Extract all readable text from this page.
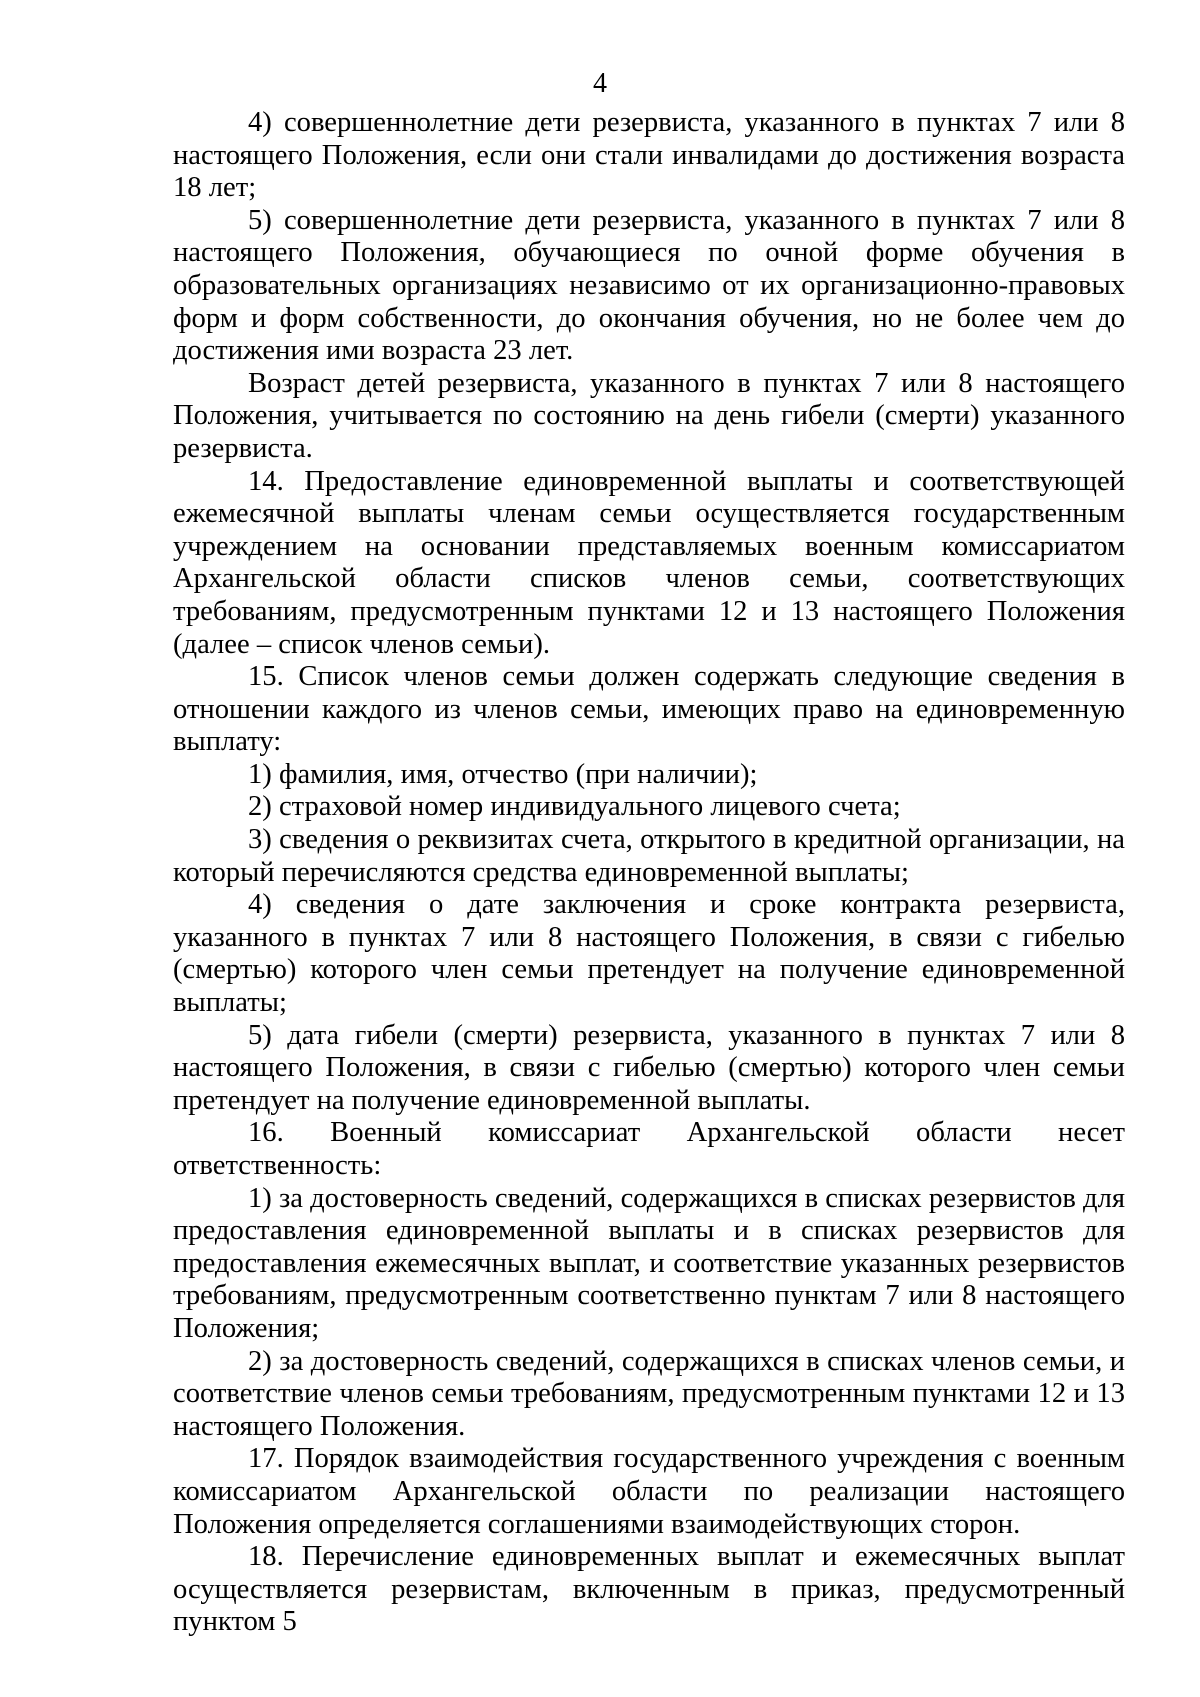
4

4) совершеннолетние дети резервиста, указанного в пунктах 7 или 8 настоящего Положения, если они стали инвалидами до достижения возраста 18 лет;

5) совершеннолетние дети резервиста, указанного в пунктах 7 или 8 настоящего Положения, обучающиеся по очной форме обучения в образовательных организациях независимо от их организационно-правовых форм и форм собственности, до окончания обучения, но не более чем до достижения ими возраста 23 лет.

Возраст детей резервиста, указанного в пунктах 7 или 8 настоящего Положения, учитывается по состоянию на день гибели (смерти) указанного резервиста.

14. Предоставление единовременной выплаты и соответствующей ежемесячной выплаты членам семьи осуществляется государственным учреждением на основании представляемых военным комиссариатом Архангельской области списков членов семьи, соответствующих требованиям, предусмотренным пунктами 12 и 13 настоящего Положения (далее – список членов семьи).

15. Список членов семьи должен содержать следующие сведения в отношении каждого из членов семьи, имеющих право на единовременную выплату:

1) фамилия, имя, отчество (при наличии);

2) страховой номер индивидуального лицевого счета;

3) сведения о реквизитах счета, открытого в кредитной организации, на который перечисляются средства единовременной выплаты;

4) сведения о дате заключения и сроке контракта резервиста, указанного в пунктах 7 или 8 настоящего Положения, в связи с гибелью (смертью) которого член семьи претендует на получение единовременной выплаты;

5) дата гибели (смерти) резервиста, указанного в пунктах 7 или 8 настоящего Положения, в связи с гибелью (смертью) которого член семьи претендует на получение единовременной выплаты.

16. Военный комиссариат Архангельской области несет ответственность:

1) за достоверность сведений, содержащихся в списках резервистов для предоставления единовременной выплаты и в списках резервистов для предоставления ежемесячных выплат, и соответствие указанных резервистов требованиям, предусмотренным соответственно пунктам 7 или 8 настоящего Положения;

2) за достоверность сведений, содержащихся в списках членов семьи, и соответствие членов семьи требованиям, предусмотренным пунктами 12 и 13 настоящего Положения.

17. Порядок взаимодействия государственного учреждения с военным комиссариатом Архангельской области по реализации настоящего Положения определяется соглашениями взаимодействующих сторон.

18. Перечисление единовременных выплат и ежемесячных выплат осуществляется резервистам, включенным в приказ, предусмотренный пунктом 5
